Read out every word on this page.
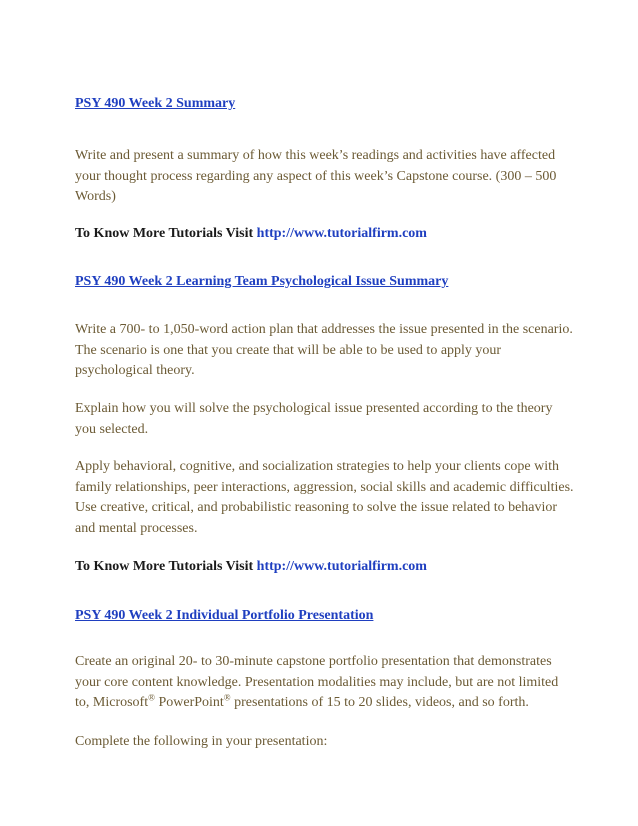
PSY 490 Week 2 Summary

Write and present a summary of how this week’s readings and activities have affected your thought process regarding any aspect of this week’s Capstone course. (300 – 500 Words)

To Know More Tutorials Visit http://www.tutorialfirm.com
PSY 490 Week 2 Learning Team Psychological Issue Summary

Write a 700- to 1,050-word action plan that addresses the issue presented in the scenario. The scenario is one that you create that will be able to be used to apply your psychological theory.

Explain how you will solve the psychological issue presented according to the theory you selected.

Apply behavioral, cognitive, and socialization strategies to help your clients cope with family relationships, peer interactions, aggression, social skills and academic difficulties. Use creative, critical, and probabilistic reasoning to solve the issue related to behavior and mental processes.

To Know More Tutorials Visit http://www.tutorialfirm.com
PSY 490 Week 2 Individual Portfolio Presentation

Create an original 20- to 30-minute capstone portfolio presentation that demonstrates your core content knowledge. Presentation modalities may include, but are not limited to, Microsoft® PowerPoint® presentations of 15 to 20 slides, videos, and so forth.

Complete the following in your presentation:
